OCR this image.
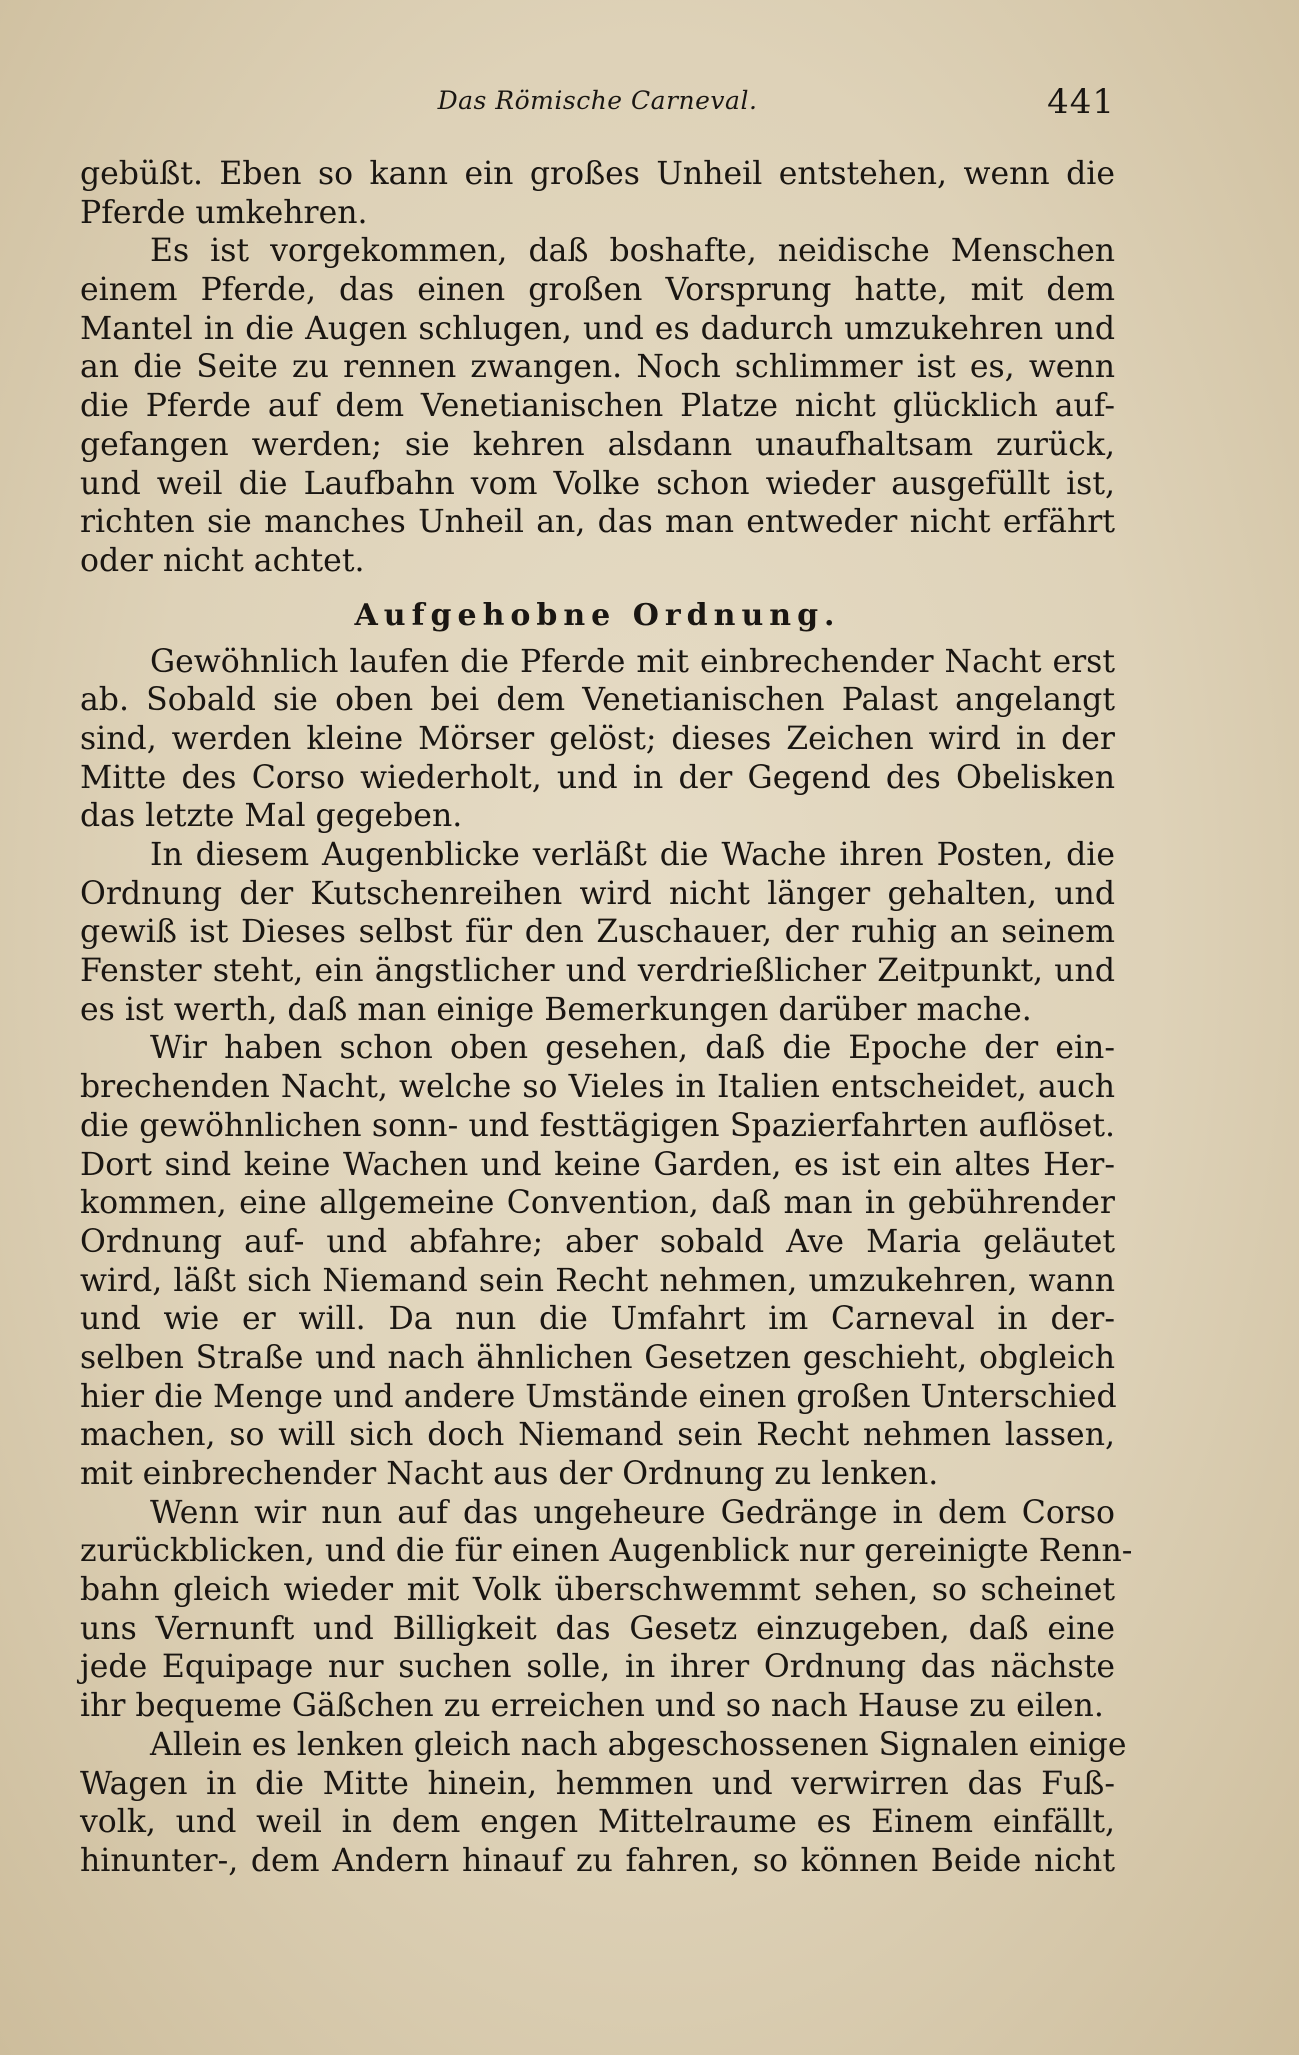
Das Römische Carneval.	441
gebüßt. Eben so kann ein großes Unheil entstehen, wenn die
Pferde umkehren.
Es ist vorgekommen, daß boshafte, neidische Menschen
einem Pferde, das einen großen Vorsprung hatte, mit dem
Mantel in die Augen schlugen, und es dadurch umzukehren und
an die Seite zu rennen zwangen. Noch schlimmer ist es, wenn
die Pferde auf dem Venetianischen Platze nicht glücklich auf-
gefangen werden; sie kehren alsdann unaufhaltsam zurück,
und weil die Laufbahn vom Volke schon wieder ausgefüllt ist,
richten sie manches Unheil an, das man entweder nicht erfährt
oder nicht achtet.
Aufgehobne Ordnung.
Gewöhnlich laufen die Pferde mit einbrechender Nacht erst
ab. Sobald sie oben bei dem Venetianischen Palast angelangt
sind, werden kleine Mörser gelöst; dieses Zeichen wird in der
Mitte des Corso wiederholt, und in der Gegend des Obelisken
das letzte Mal gegeben.
In diesem Augenblicke verläßt die Wache ihren Posten, die
Ordnung der Kutschenreihen wird nicht länger gehalten, und
gewiß ist Dieses selbst für den Zuschauer, der ruhig an seinem
Fenster steht, ein ängstlicher und verdrießlicher Zeitpunkt, und
es ist werth, daß man einige Bemerkungen darüber mache.
Wir haben schon oben gesehen, daß die Epoche der ein-
brechenden Nacht, welche so Vieles in Italien entscheidet, auch
die gewöhnlichen sonn- und festtägigen Spazierfahrten auflöset.
Dort sind keine Wachen und keine Garden, es ist ein altes Her-
kommen, eine allgemeine Convention, daß man in gebührender
Ordnung auf- und abfahre; aber sobald Ave Maria geläutet
wird, läßt sich Niemand sein Recht nehmen, umzukehren, wann
und wie er will. Da nun die Umfahrt im Carneval in der-
selben Straße und nach ähnlichen Gesetzen geschieht, obgleich
hier die Menge und andere Umstände einen großen Unterschied
machen, so will sich doch Niemand sein Recht nehmen lassen,
mit einbrechender Nacht aus der Ordnung zu lenken.
Wenn wir nun auf das ungeheure Gedränge in dem Corso
zurückblicken, und die für einen Augenblick nur gereinigte Renn-
bahn gleich wieder mit Volk überschwemmt sehen, so scheinet
uns Vernunft und Billigkeit das Gesetz einzugeben, daß eine
jede Equipage nur suchen solle, in ihrer Ordnung das nächste
ihr bequeme Gäßchen zu erreichen und so nach Hause zu eilen.
Allein es lenken gleich nach abgeschossenen Signalen einige
Wagen in die Mitte hinein, hemmen und verwirren das Fuß-
volk, und weil in dem engen Mittelraume es Einem einfällt,
hinunter-, dem Andern hinauf zu fahren, so können Beide nicht
